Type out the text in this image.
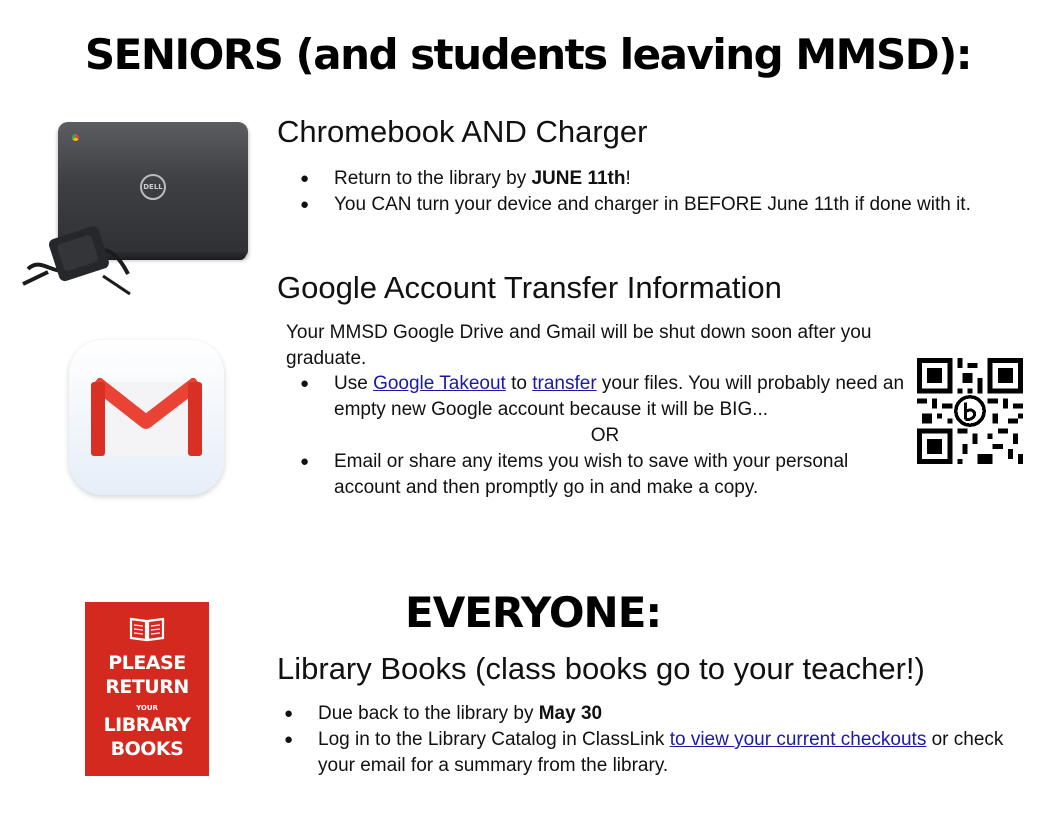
SENIORS (and students leaving MMSD):
DELL
Chromebook AND Charger
● Return to the library by JUNE 11th!
● You CAN turn your device and charger in BEFORE June 11th if done with it.
Google Account Transfer Information
Your MMSD Google Drive and Gmail will be shut down soon after you graduate.
● Use Google Takeout to transfer your files. You will probably need an empty new Google account because it will be BIG...
OR
● Email or share any items you wish to save with your personal account and then promptly go in and make a copy.
EVERYONE:
PLEASE
RETURN
YOUR
LIBRARY
BOOKS
Library Books (class books go to your teacher!)
● Due back to the library by May 30
● Log in to the Library Catalog in ClassLink to view your current checkouts or check your email for a summary from the library.
